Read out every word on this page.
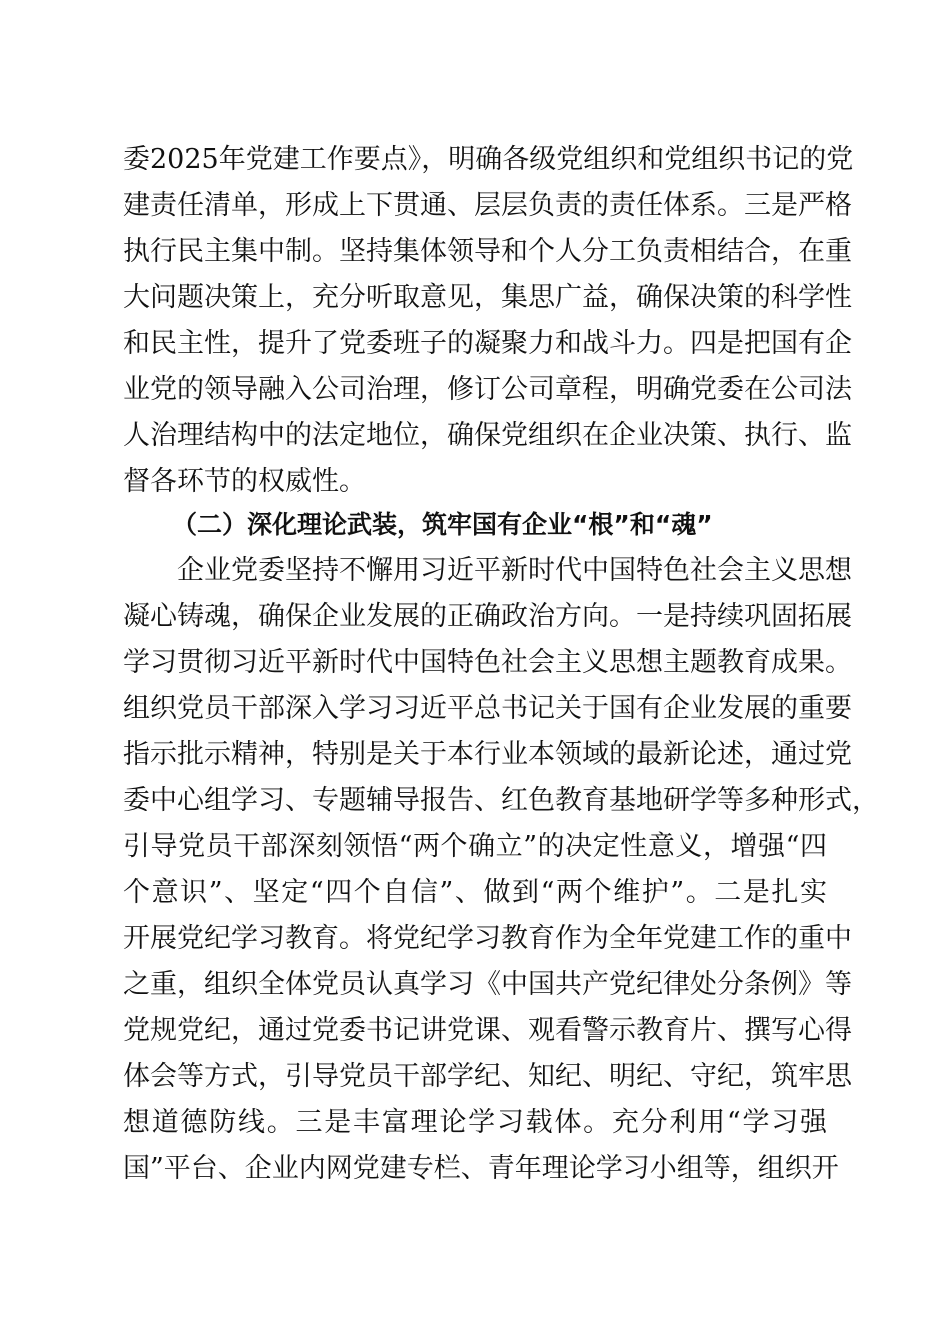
委2025年党建工作要点》，明确各级党组织和党组织书记的党
建责任清单，形成上下贯通、层层负责的责任体系。三是严格
执行民主集中制。坚持集体领导和个人分工负责相结合，在重
大问题决策上，充分听取意见，集思广益，确保决策的科学性
和民主性，提升了党委班子的凝聚力和战斗力。四是把国有企
业党的领导融入公司治理，修订公司章程，明确党委在公司法
人治理结构中的法定地位，确保党组织在企业决策、执行、监
督各环节的权威性。
（二）深化理论武装，筑牢国有企业“根”和“魂”
企业党委坚持不懈用习近平新时代中国特色社会主义思想
凝心铸魂，确保企业发展的正确政治方向。一是持续巩固拓展
学习贯彻习近平新时代中国特色社会主义思想主题教育成果。
组织党员干部深入学习习近平总书记关于国有企业发展的重要
指示批示精神，特别是关于本行业本领域的最新论述，通过党
委中心组学习、专题辅导报告、红色教育基地研学等多种形式，
引导党员干部深刻领悟“两个确立”的决定性意义，增强“四
个意识”、坚定“四个自信”、做到“两个维护”。二是扎实
开展党纪学习教育。将党纪学习教育作为全年党建工作的重中
之重，组织全体党员认真学习《中国共产党纪律处分条例》等
党规党纪，通过党委书记讲党课、观看警示教育片、撰写心得
体会等方式，引导党员干部学纪、知纪、明纪、守纪，筑牢思
想道德防线。三是丰富理论学习载体。充分利用“学习强
国”平台、企业内网党建专栏、青年理论学习小组等，组织开
